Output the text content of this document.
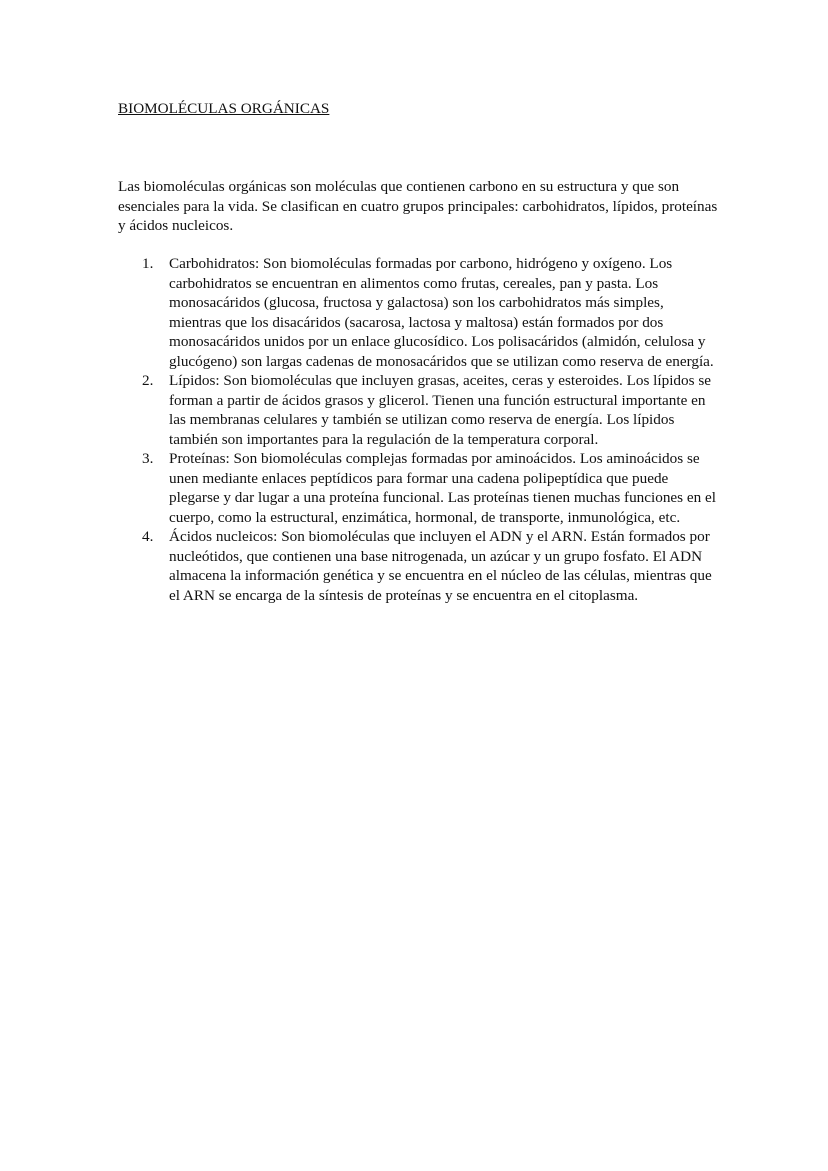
BIOMOLÉCULAS ORGÁNICAS

Las biomoléculas orgánicas son moléculas que contienen carbono en su estructura y que son esenciales para la vida. Se clasifican en cuatro grupos principales: carbohidratos, lípidos, proteínas y ácidos nucleicos.

1. Carbohidratos: Son biomoléculas formadas por carbono, hidrógeno y oxígeno. Los carbohidratos se encuentran en alimentos como frutas, cereales, pan y pasta. Los monosacáridos (glucosa, fructosa y galactosa) son los carbohidratos más simples, mientras que los disacáridos (sacarosa, lactosa y maltosa) están formados por dos monosacáridos unidos por un enlace glucosídico. Los polisacáridos (almidón, celulosa y glucógeno) son largas cadenas de monosacáridos que se utilizan como reserva de energía.
2. Lípidos: Son biomoléculas que incluyen grasas, aceites, ceras y esteroides. Los lípidos se forman a partir de ácidos grasos y glicerol. Tienen una función estructural importante en las membranas celulares y también se utilizan como reserva de energía. Los lípidos también son importantes para la regulación de la temperatura corporal.
3. Proteínas: Son biomoléculas complejas formadas por aminoácidos. Los aminoácidos se unen mediante enlaces peptídicos para formar una cadena polipeptídica que puede plegarse y dar lugar a una proteína funcional. Las proteínas tienen muchas funciones en el cuerpo, como la estructural, enzimática, hormonal, de transporte, inmunológica, etc.
4. Ácidos nucleicos: Son biomoléculas que incluyen el ADN y el ARN. Están formados por nucleótidos, que contienen una base nitrogenada, un azúcar y un grupo fosfato. El ADN almacena la información genética y se encuentra en el núcleo de las células, mientras que el ARN se encarga de la síntesis de proteínas y se encuentra en el citoplasma.
